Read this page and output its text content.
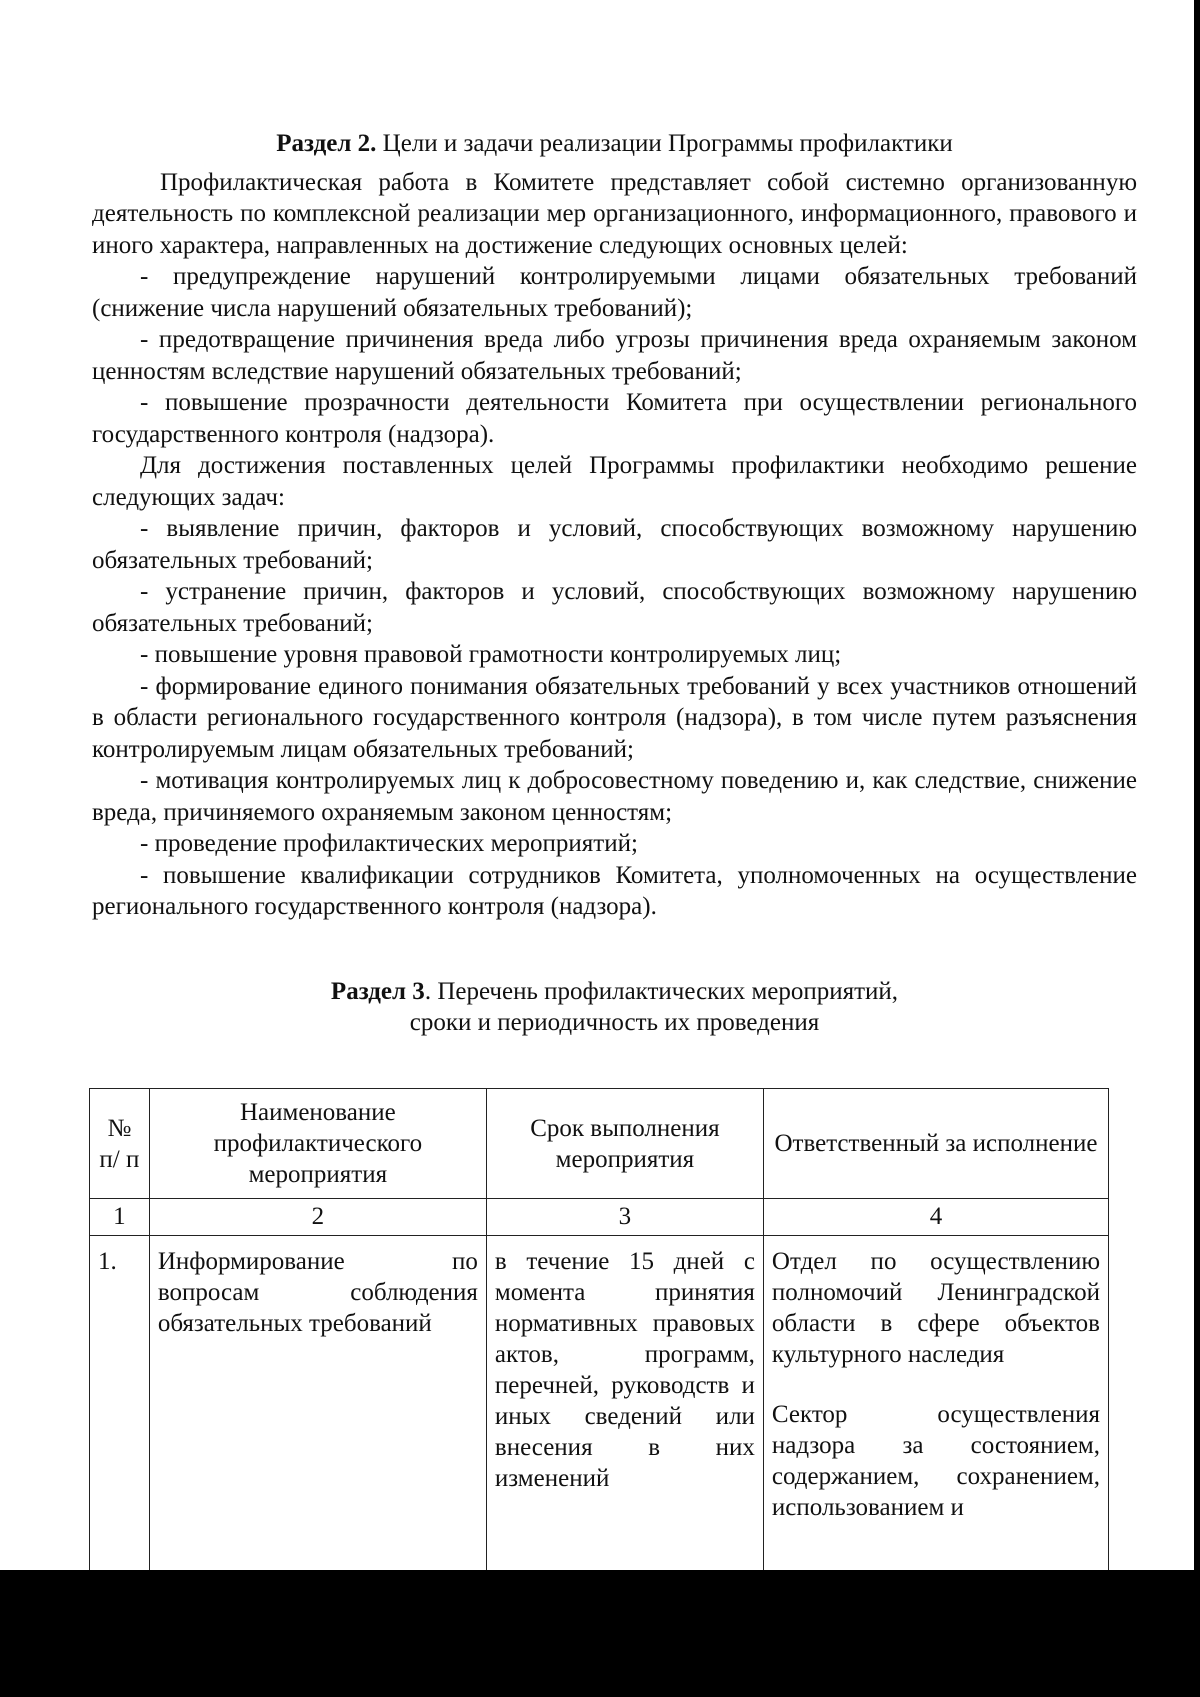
Раздел 2. Цели и задачи реализации Программы профилактики

Профилактическая работа в Комитете представляет собой системно организованную деятельность по комплексной реализации мер организационного, информационного, правового и иного характера, направленных на достижение следующих основных целей:

- предупреждение нарушений контролируемыми лицами обязательных требований (снижение числа нарушений обязательных требований);

- предотвращение причинения вреда либо угрозы причинения вреда охраняемым законом ценностям вследствие нарушений обязательных требований;

- повышение прозрачности деятельности Комитета при осуществлении регионального государственного контроля (надзора).

Для достижения поставленных целей Программы профилактики необходимо решение следующих задач:

- выявление причин, факторов и условий, способствующих возможному нарушению обязательных требований;

- устранение причин, факторов и условий, способствующих возможному нарушению обязательных требований;

- повышение уровня правовой грамотности контролируемых лиц;

- формирование единого понимания обязательных требований у всех участников отношений в области регионального государственного контроля (надзора), в том числе путем разъяснения контролируемым лицам обязательных требований;

- мотивация контролируемых лиц к добросовестному поведению и, как следствие, снижение вреда, причиняемого охраняемым законом ценностям;

- проведение профилактических мероприятий;

- повышение квалификации сотрудников Комитета, уполномоченных на осуществление регионального государственного контроля (надзора).

Раздел 3. Перечень профилактических мероприятий,
сроки и периодичность их проведения

№ п/ п	Наименование профилактического мероприятия	Срок выполнения мероприятия	Ответственный за исполнение
1	2	3	4
1.	Информирование по вопросам соблюдения обязательных требований	в течение 15 дней с момента принятия нормативных правовых актов, программ, перечней, руководств и иных сведений или внесения в них изменений	Отдел по осуществлению полномочий Ленинградской области в сфере объектов культурного наследия
Сектор осуществления надзора за состоянием, содержанием, сохранением, использованием и
